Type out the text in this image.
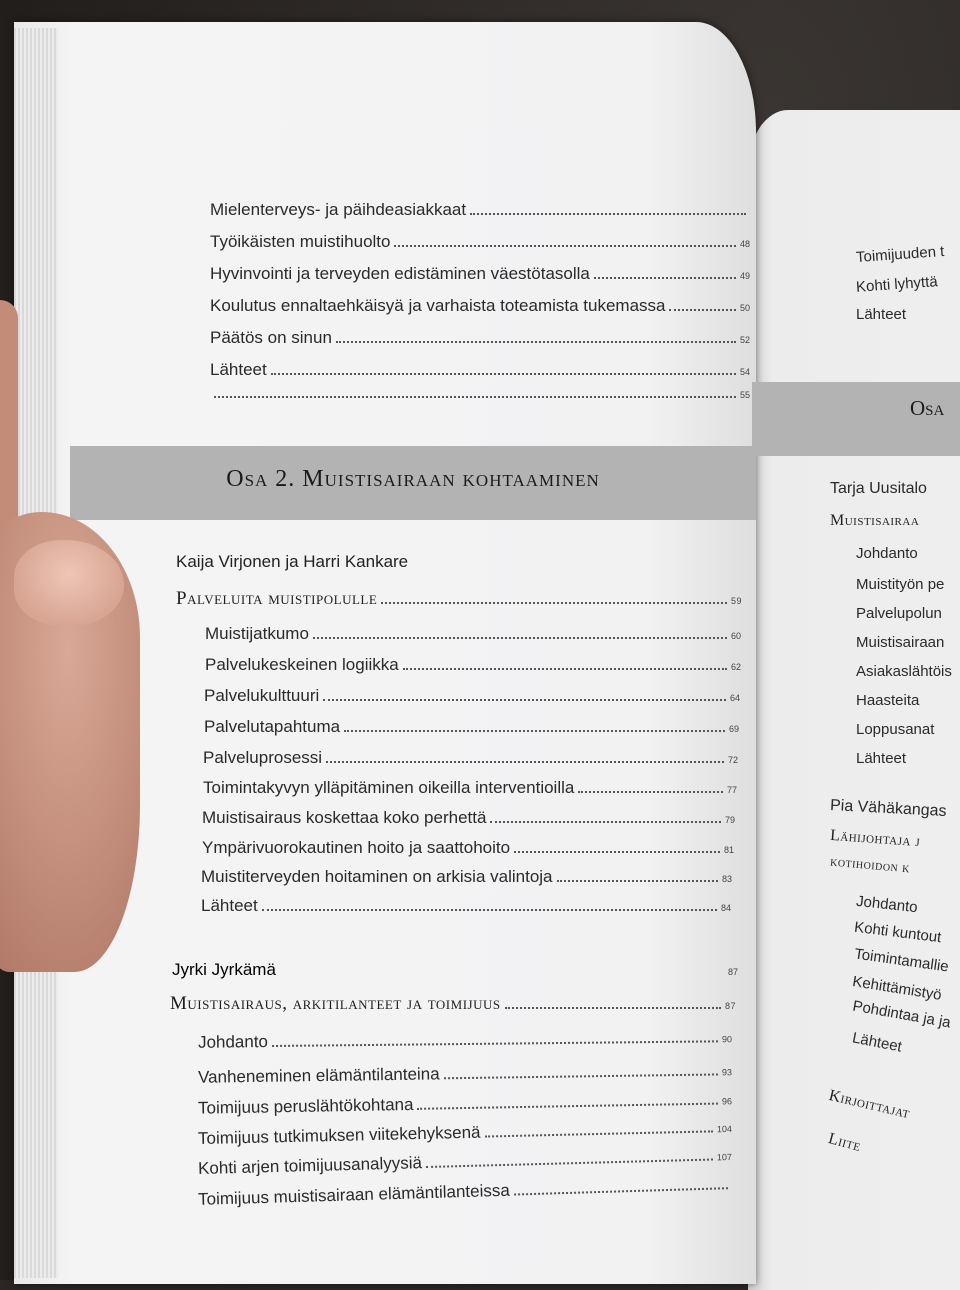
Mielenterveys- ja päihdeasiakkaat
Työikäisten muistihuolto	48
Hyvinvointi ja terveyden edistäminen väestötasolla	49
Koulutus ennaltaehkäisyä ja varhaista toteamista tukemassa	50
Päätös on sinun	52
Lähteet	54
55
Osa 2. Muistisairaan kohtaaminen
Kaija Virjonen ja Harri Kankare
Palveluita muistipolulle	59
Muistijatkumo	60
Palvelukeskeinen logiikka	62
Palvelukulttuuri	64
Palvelutapahtuma	69
Palveluprosessi	72
Toimintakyvyn ylläpitäminen oikeilla interventioilla	77
Muistisairaus koskettaa koko perhettä	79
Ympärivuorokautinen hoito ja saattohoito	81
Muistiterveyden hoitaminen on arkisia valintoja	83
Lähteet	84
Jyrki Jyrkämä	87
Muistisairaus, arkitilanteet ja toimijuus	87
Johdanto	90
Vanheneminen elämäntilanteina	93
Toimijuus peruslähtökohtana	96
Toimijuus tutkimuksen viitekehyksenä	104
Kohti arjen toimijuusanalyysiä	107
Toimijuus muistisairaan elämäntilanteissa
Osa
Toimijuuden t
Kohti lyhyttä
Lähteet
Tarja Uusitalo
Muistisairaa
Johdanto
Muistityön pe
Palvelupolun
Muistisairaan
Asiakaslähtöis
Haasteita
Loppusanat
Lähteet
Pia Vähäkangas
Lähijohtaja j
kotihoidon k
Johdanto
Kohti kuntout
Toimintamallie
Kehittämistyö
Pohdintaa ja ja
Lähteet
Kirjoittajat
Liite
